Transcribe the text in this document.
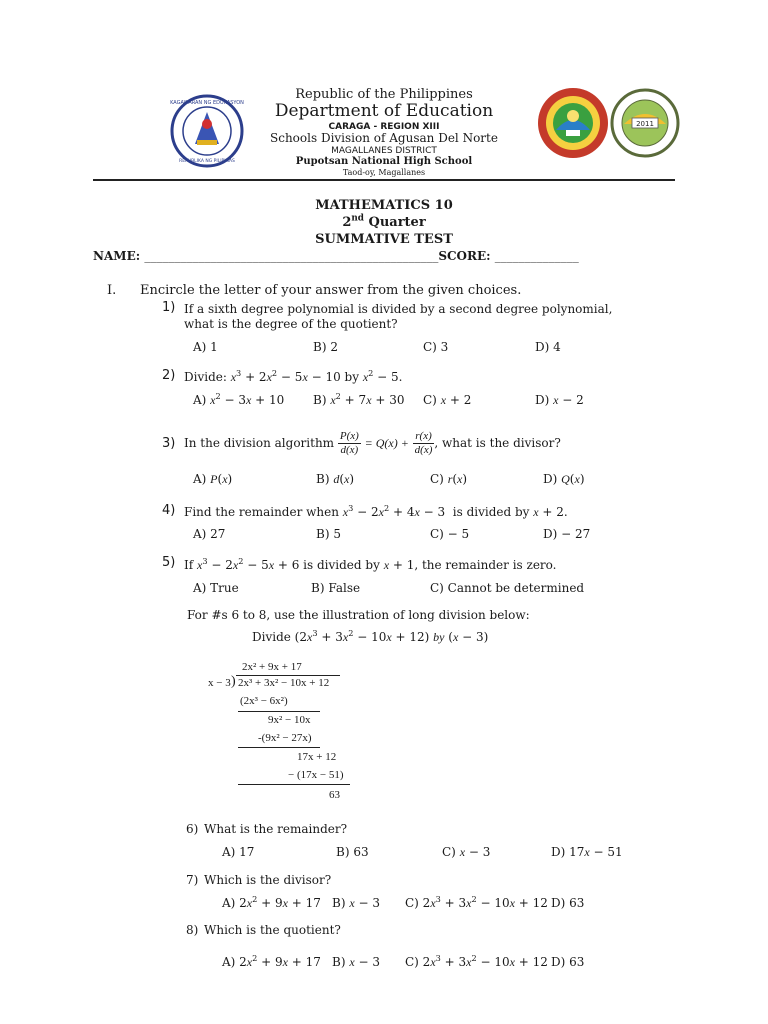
KAGAWARAN NG EDUKASYON
REPUBLIKA NG PILIPINAS
2011
Republic of the Philippines
Department of Education
CARAGA - REGION XIII
Schools Division of Agusan Del Norte
MAGALLANES DISTRICT
Pupotsan National High School
Taod-oy, Magallanes
MATHEMATICS 10
2nd Quarter
SUMMATIVE TEST
NAME: _________________________________________________SCORE: ______________
I. Encircle the letter of your answer from the given choices.
1) If a sixth degree polynomial is divided by a second degree polynomial,
what is the degree of the quotient?
A) 1	B) 2	C) 3	D) 4
2) Divide: $x^3 + 2x^2 - 5x - 10$ by $x^2 - 5$.
A) $x^2 - 3x + 10$ B) $x^2 + 7x + 30$ C) x + 2	D) x − 2
3) In the division algorithm $\frac{P(x)}{d(x)} = Q(x) + \frac{r(x)}{d(x)}$ , what is the divisor?
A) P(x)	B) d(x)	C) r(x)	D) Q(x)
4) Find the remainder when $x^3 - 2x^2 + 4x - 3$  is divided by x + 2.
A) 27	B) 5	C) − 5	D) − 27
5) If $x^3 - 2x^2 - 5x + 6$ is divided by x + 1, the remainder is zero.
A) True	B) False	C) Cannot be determined
For #s 6 to 8, use the illustration of long division below:
Divide $(2x^3 + 3x^2 - 10x + 12)$ by (x − 3)
2x² + 9x + 17
x − 3 ) 2x³ + 3x² − 10x + 12
(2x³ − 6x²)
9x² − 10x
-(9x² − 27x)
17x + 12
− (17x − 51)
63
6) What is the remainder?
A) 17	B) 63	C) x − 3	D) 17x − 51
7) Which is the divisor?
A) $2x^2 + 9x + 17$ B) x − 3 C) $2x^3 + 3x^2 - 10x + 12$ D) 63
8) Which is the quotient?
A) $2x^2 + 9x + 17$ B) x − 3 C) $2x^3 + 3x^2 - 10x + 12$ D) 63
